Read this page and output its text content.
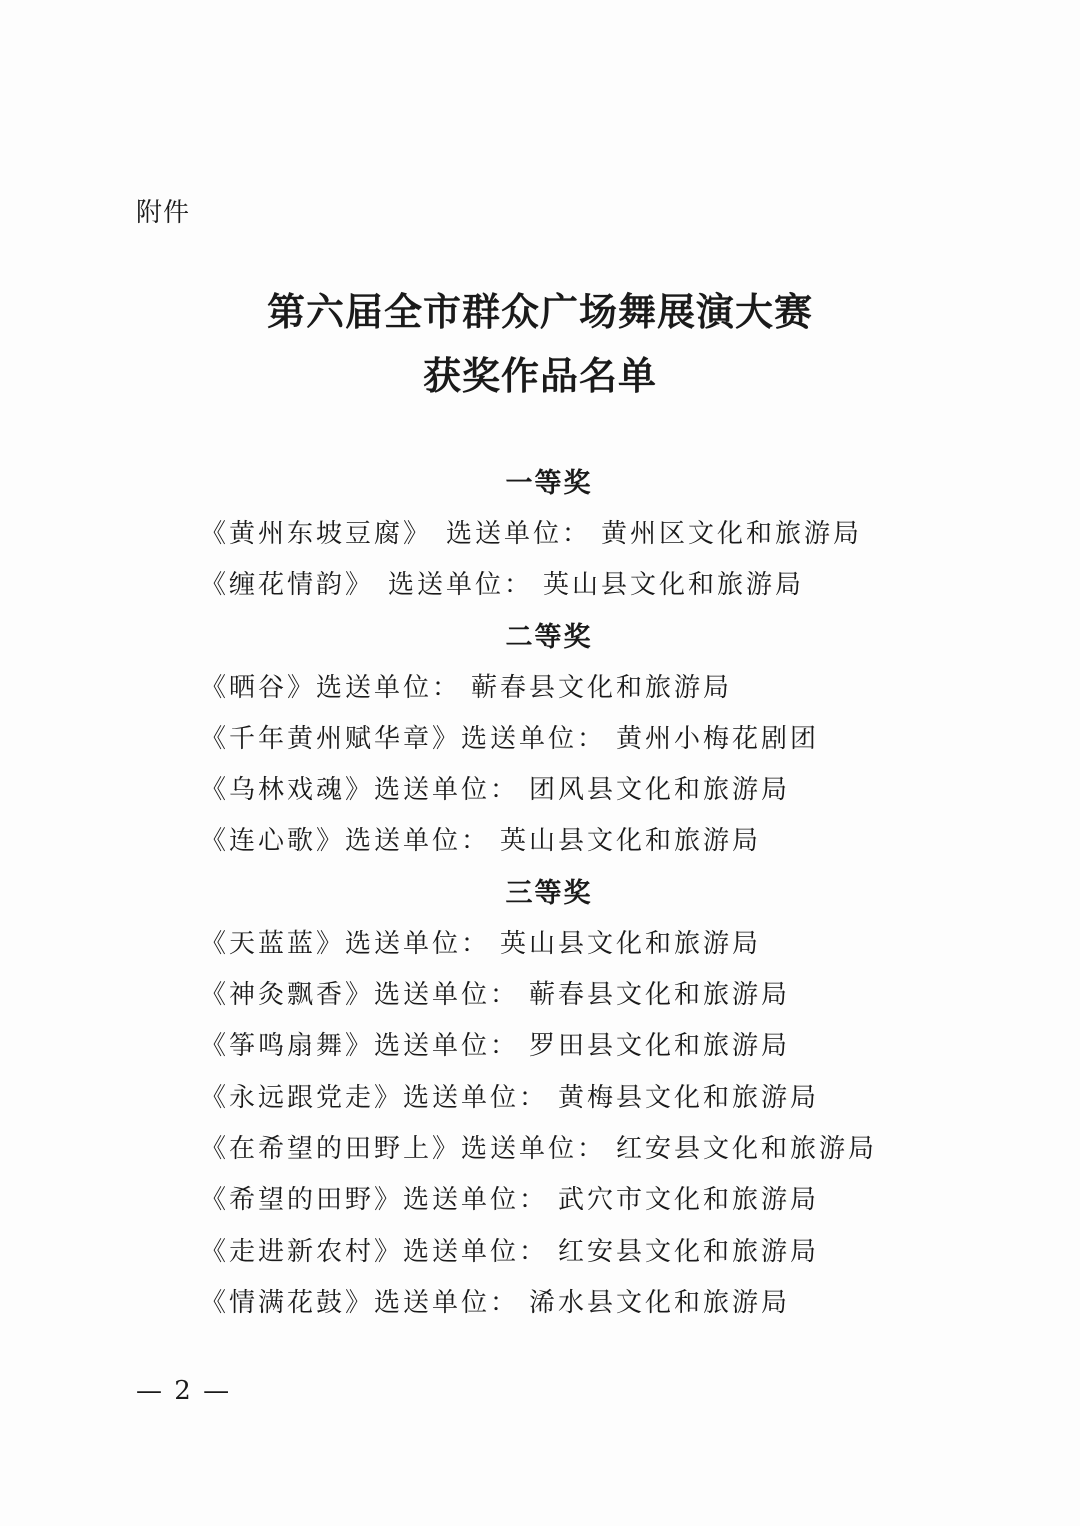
附件
第六届全市群众广场舞展演大赛
获奖作品名单
一等奖
《黄州东坡豆腐》 选送单位： 黄州区文化和旅游局
《缠花情韵》 选送单位： 英山县文化和旅游局
二等奖
《晒谷》选送单位： 蕲春县文化和旅游局
《千年黄州赋华章》选送单位： 黄州小梅花剧团
《乌林戏魂》选送单位： 团风县文化和旅游局
《连心歌》选送单位： 英山县文化和旅游局
三等奖
《天蓝蓝》选送单位： 英山县文化和旅游局
《神灸飘香》选送单位： 蕲春县文化和旅游局
《筝鸣扇舞》选送单位： 罗田县文化和旅游局
《永远跟党走》选送单位： 黄梅县文化和旅游局
《在希望的田野上》选送单位： 红安县文化和旅游局
《希望的田野》选送单位： 武穴市文化和旅游局
《走进新农村》选送单位： 红安县文化和旅游局
《情满花鼓》选送单位： 浠水县文化和旅游局
— 2 —
